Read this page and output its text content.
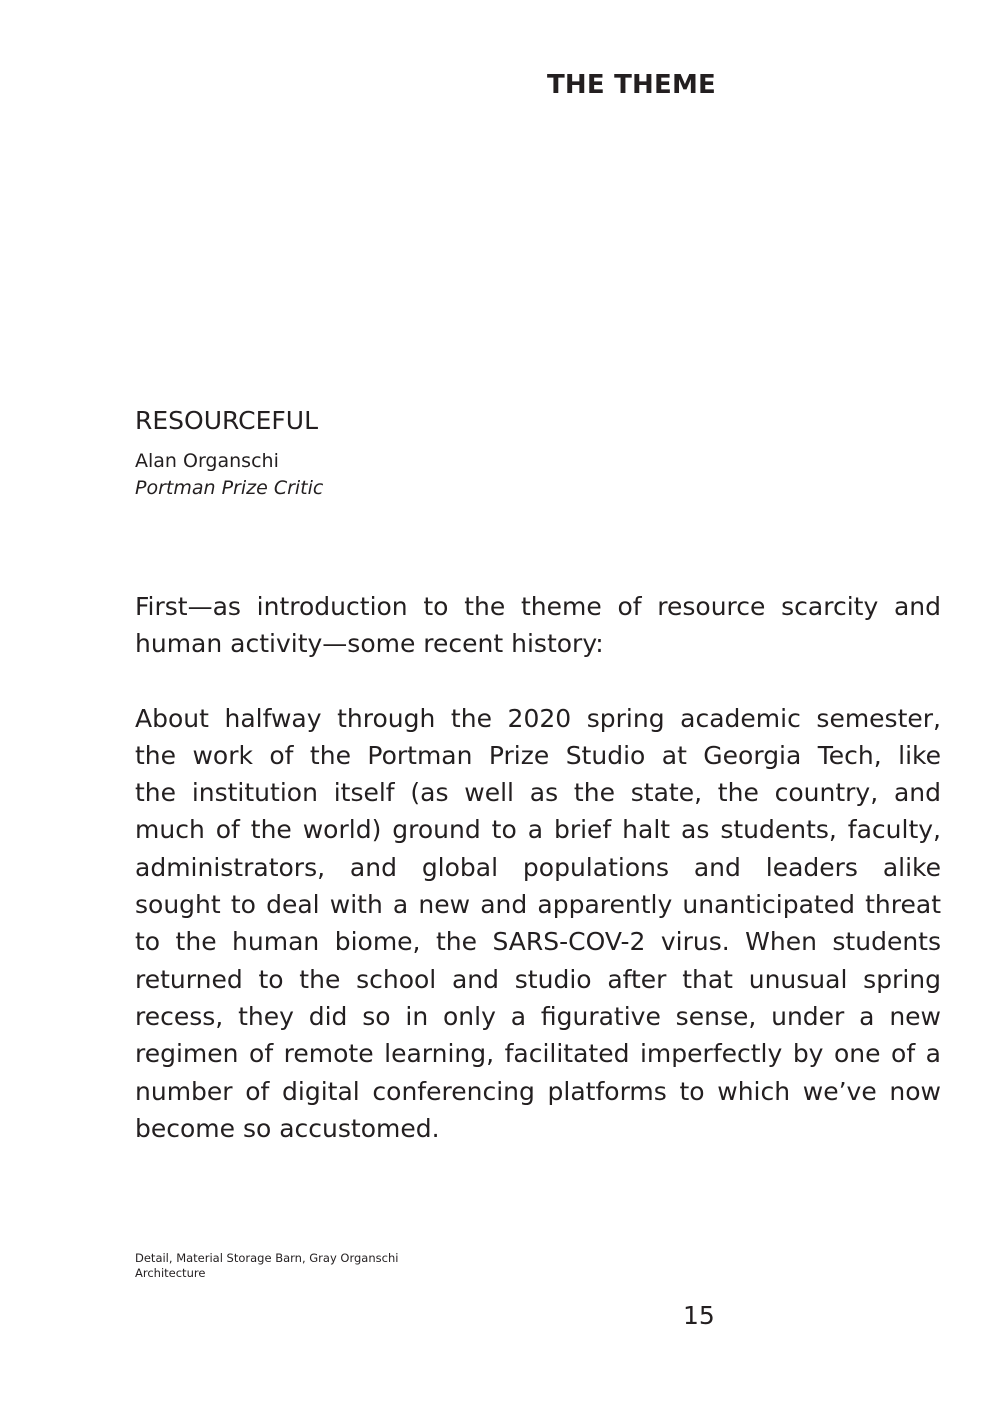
THE THEME
RESOURCEFUL
Alan Organschi
Portman Prize Critic

First—as introduction to the theme of resource scarcity and
human activity—some recent history:

About halfway through the 2020 spring academic semester,
the work of the Portman Prize Studio at Georgia Tech, like
the institution itself (as well as the state, the country, and
much of the world) ground to a brief halt as students, faculty,
administrators, and global populations and leaders alike
sought to deal with a new and apparently unanticipated threat
to the human biome, the SARS-COV-2 virus. When students
returned to the school and studio after that unusual spring
recess, they did so in only a figurative sense, under a new
regimen of remote learning, facilitated imperfectly by one of a
number of digital conferencing platforms to which we’ve now
become so accustomed.

Detail, Material Storage Barn, Gray Organschi
Architecture
15
